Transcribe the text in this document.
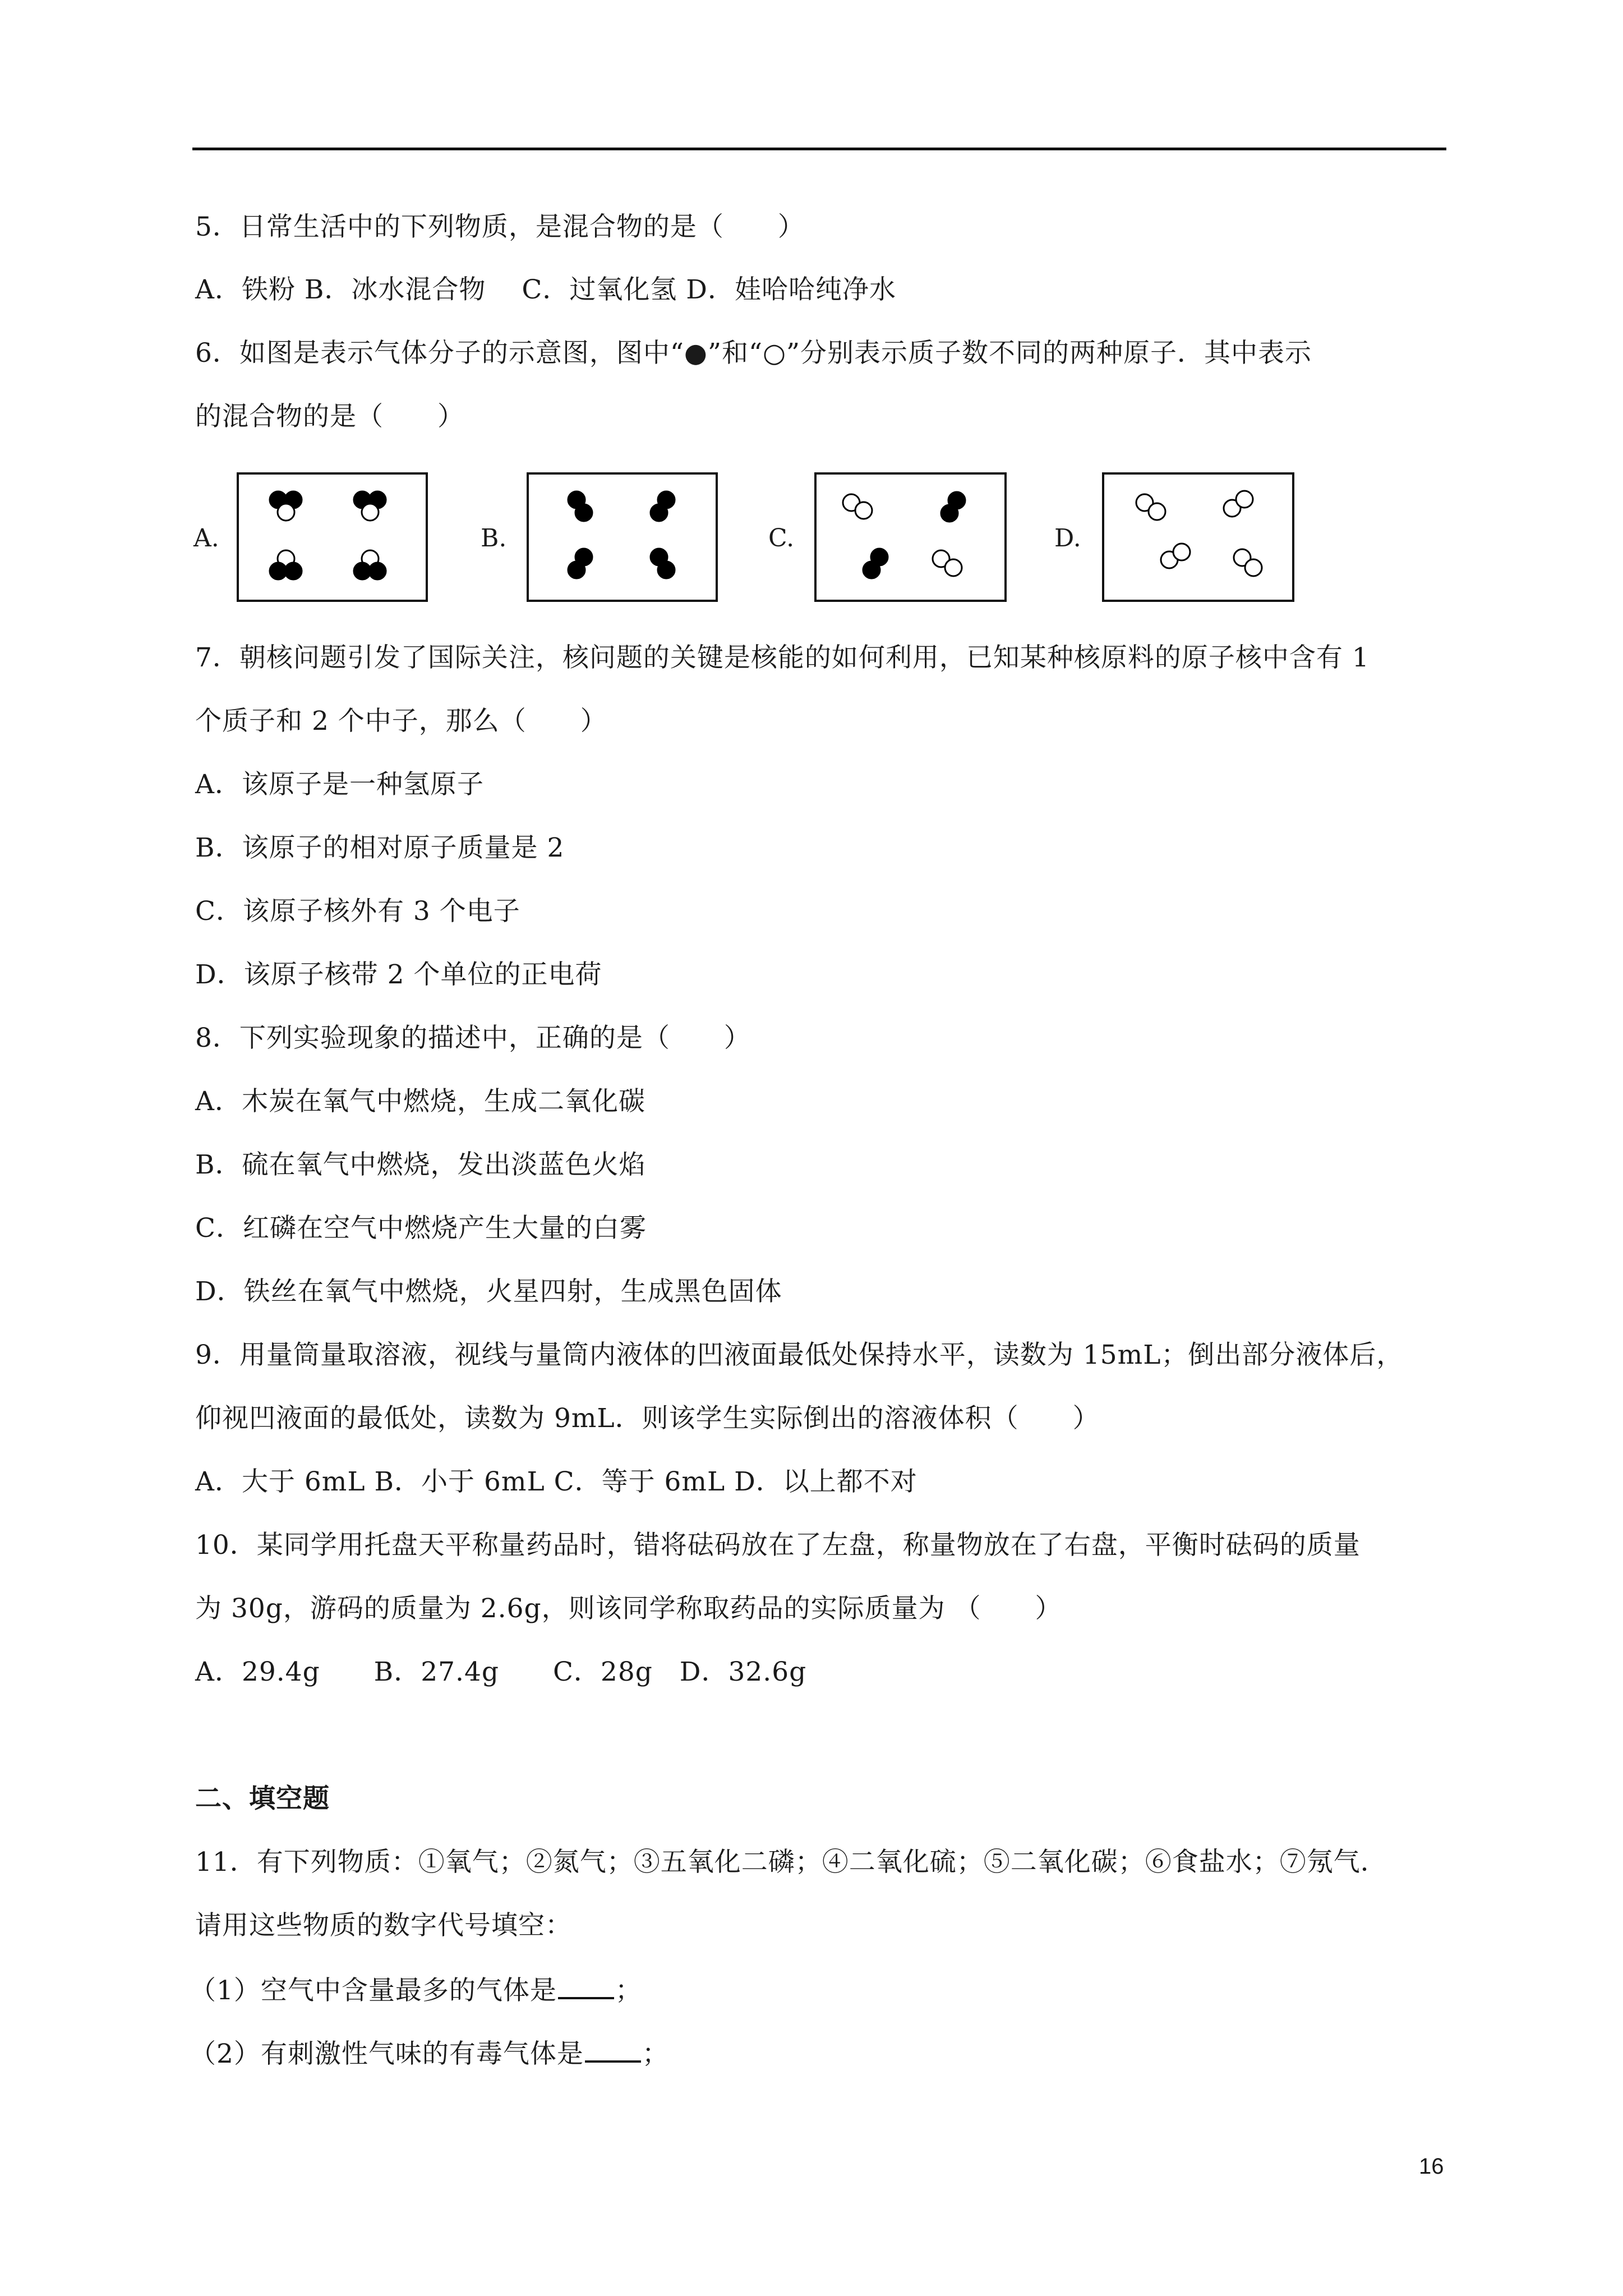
5．日常生活中的下列物质，是混合物的是（　　）
A．铁粉 B．冰水混合物　 C．过氧化氢 D．娃哈哈纯净水
6．如图是表示气体分子的示意图，图中“●”和“○”分别表示质子数不同的两种原子．其中表示
的混合物的是（　　）
A.	B.	C.	D.
7．朝核问题引发了国际关注，核问题的关键是核能的如何利用，已知某种核原料的原子核中含有 1
个质子和 2 个中子，那么（　　）
A．该原子是一种氢原子
B．该原子的相对原子质量是 2
C．该原子核外有 3 个电子
D．该原子核带 2 个单位的正电荷
8．下列实验现象的描述中，正确的是（　　）
A．木炭在氧气中燃烧，生成二氧化碳
B．硫在氧气中燃烧，发出淡蓝色火焰
C．红磷在空气中燃烧产生大量的白雾
D．铁丝在氧气中燃烧，火星四射，生成黑色固体
9．用量筒量取溶液，视线与量筒内液体的凹液面最低处保持水平，读数为 15mL；倒出部分液体后，
仰视凹液面的最低处，读数为 9mL．则该学生实际倒出的溶液体积（　　）
A．大于 6mL B．小于 6mL C．等于 6mL D．以上都不对
10．某同学用托盘天平称量药品时，错将砝码放在了左盘，称量物放在了右盘，平衡时砝码的质量
为 30g，游码的质量为 2.6g，则该同学称取药品的实际质量为 （　　）
A．29.4g　　B．27.4g　　C．28g　D．32.6g
二、填空题
11．有下列物质：①氧气；②氮气；③五氧化二磷；④二氧化硫；⑤二氧化碳；⑥食盐水；⑦氖气．
请用这些物质的数字代号填空：
（1）空气中含量最多的气体是 ；
（2）有刺激性气味的有毒气体是 ；
16
